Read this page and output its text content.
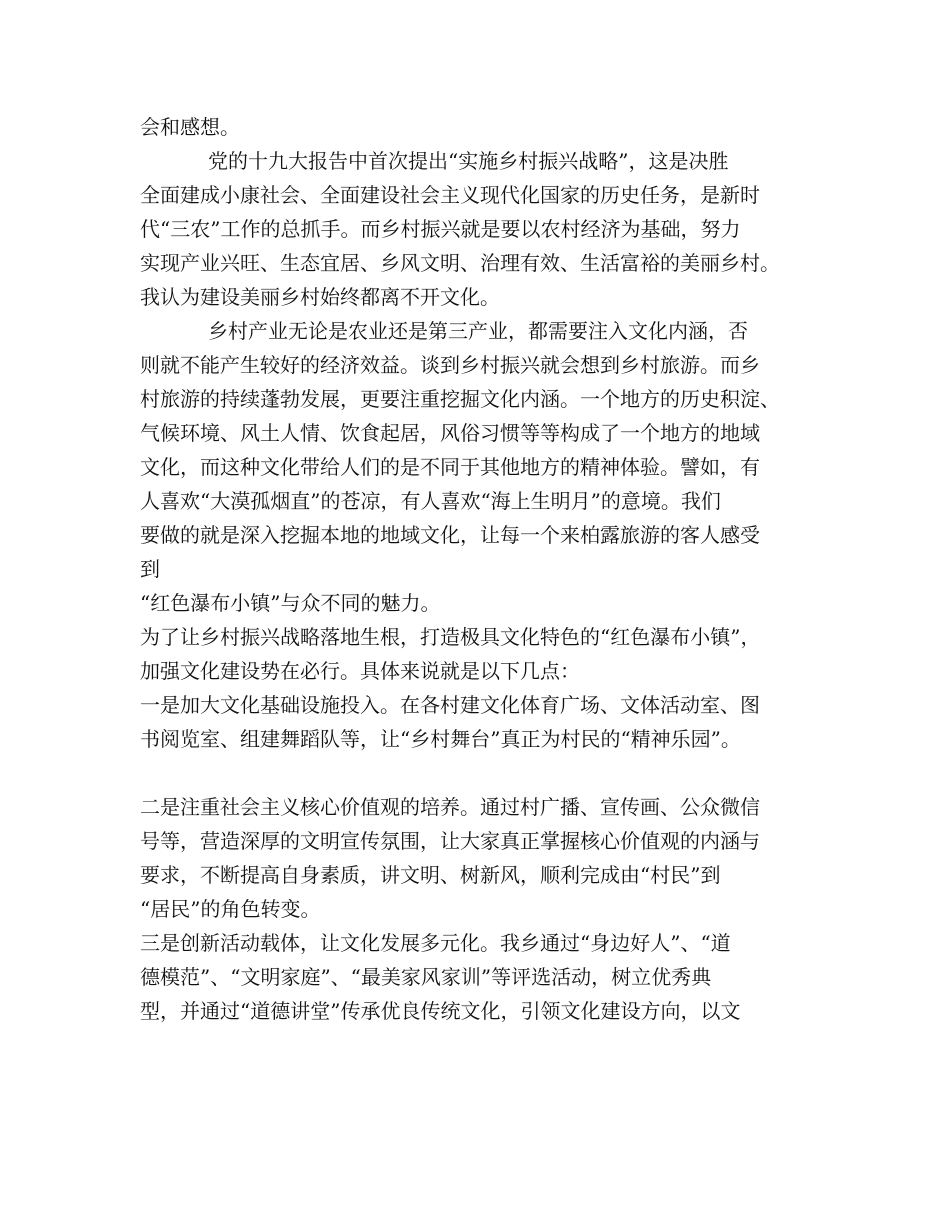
会和感想。
党的十九大报告中首次提出“实施乡村振兴战略”，这是决胜
全面建成小康社会、全面建设社会主义现代化国家的历史任务，是新时
代“三农”工作的总抓手。而乡村振兴就是要以农村经济为基础，努力
实现产业兴旺、生态宜居、乡风文明、治理有效、生活富裕的美丽乡村。
我认为建设美丽乡村始终都离不开文化。
乡村产业无论是农业还是第三产业，都需要注入文化内涵，否
则就不能产生较好的经济效益。谈到乡村振兴就会想到乡村旅游。而乡
村旅游的持续蓬勃发展，更要注重挖掘文化内涵。一个地方的历史积淀、
气候环境、风土人情、饮食起居，风俗习惯等等构成了一个地方的地域
文化，而这种文化带给人们的是不同于其他地方的精神体验。譬如，有
人喜欢“大漠孤烟直”的苍凉，有人喜欢“海上生明月”的意境。我们
要做的就是深入挖掘本地的地域文化，让每一个来柏露旅游的客人感受
到
“红色瀑布小镇”与众不同的魅力。
为了让乡村振兴战略落地生根，打造极具文化特色的“红色瀑布小镇”，
加强文化建设势在必行。具体来说就是以下几点：
一是加大文化基础设施投入。在各村建文化体育广场、文体活动室、图
书阅览室、组建舞蹈队等，让“乡村舞台”真正为村民的“精神乐园”。
二是注重社会主义核心价值观的培养。通过村广播、宣传画、公众微信
号等，营造深厚的文明宣传氛围，让大家真正掌握核心价值观的内涵与
要求，不断提高自身素质，讲文明、树新风，顺利完成由“村民”到
“居民”的角色转变。
三是创新活动载体，让文化发展多元化。我乡通过“身边好人”、“道
德模范”、“文明家庭”、“最美家风家训”等评选活动，树立优秀典
型，并通过“道德讲堂”传承优良传统文化，引领文化建设方向，以文
